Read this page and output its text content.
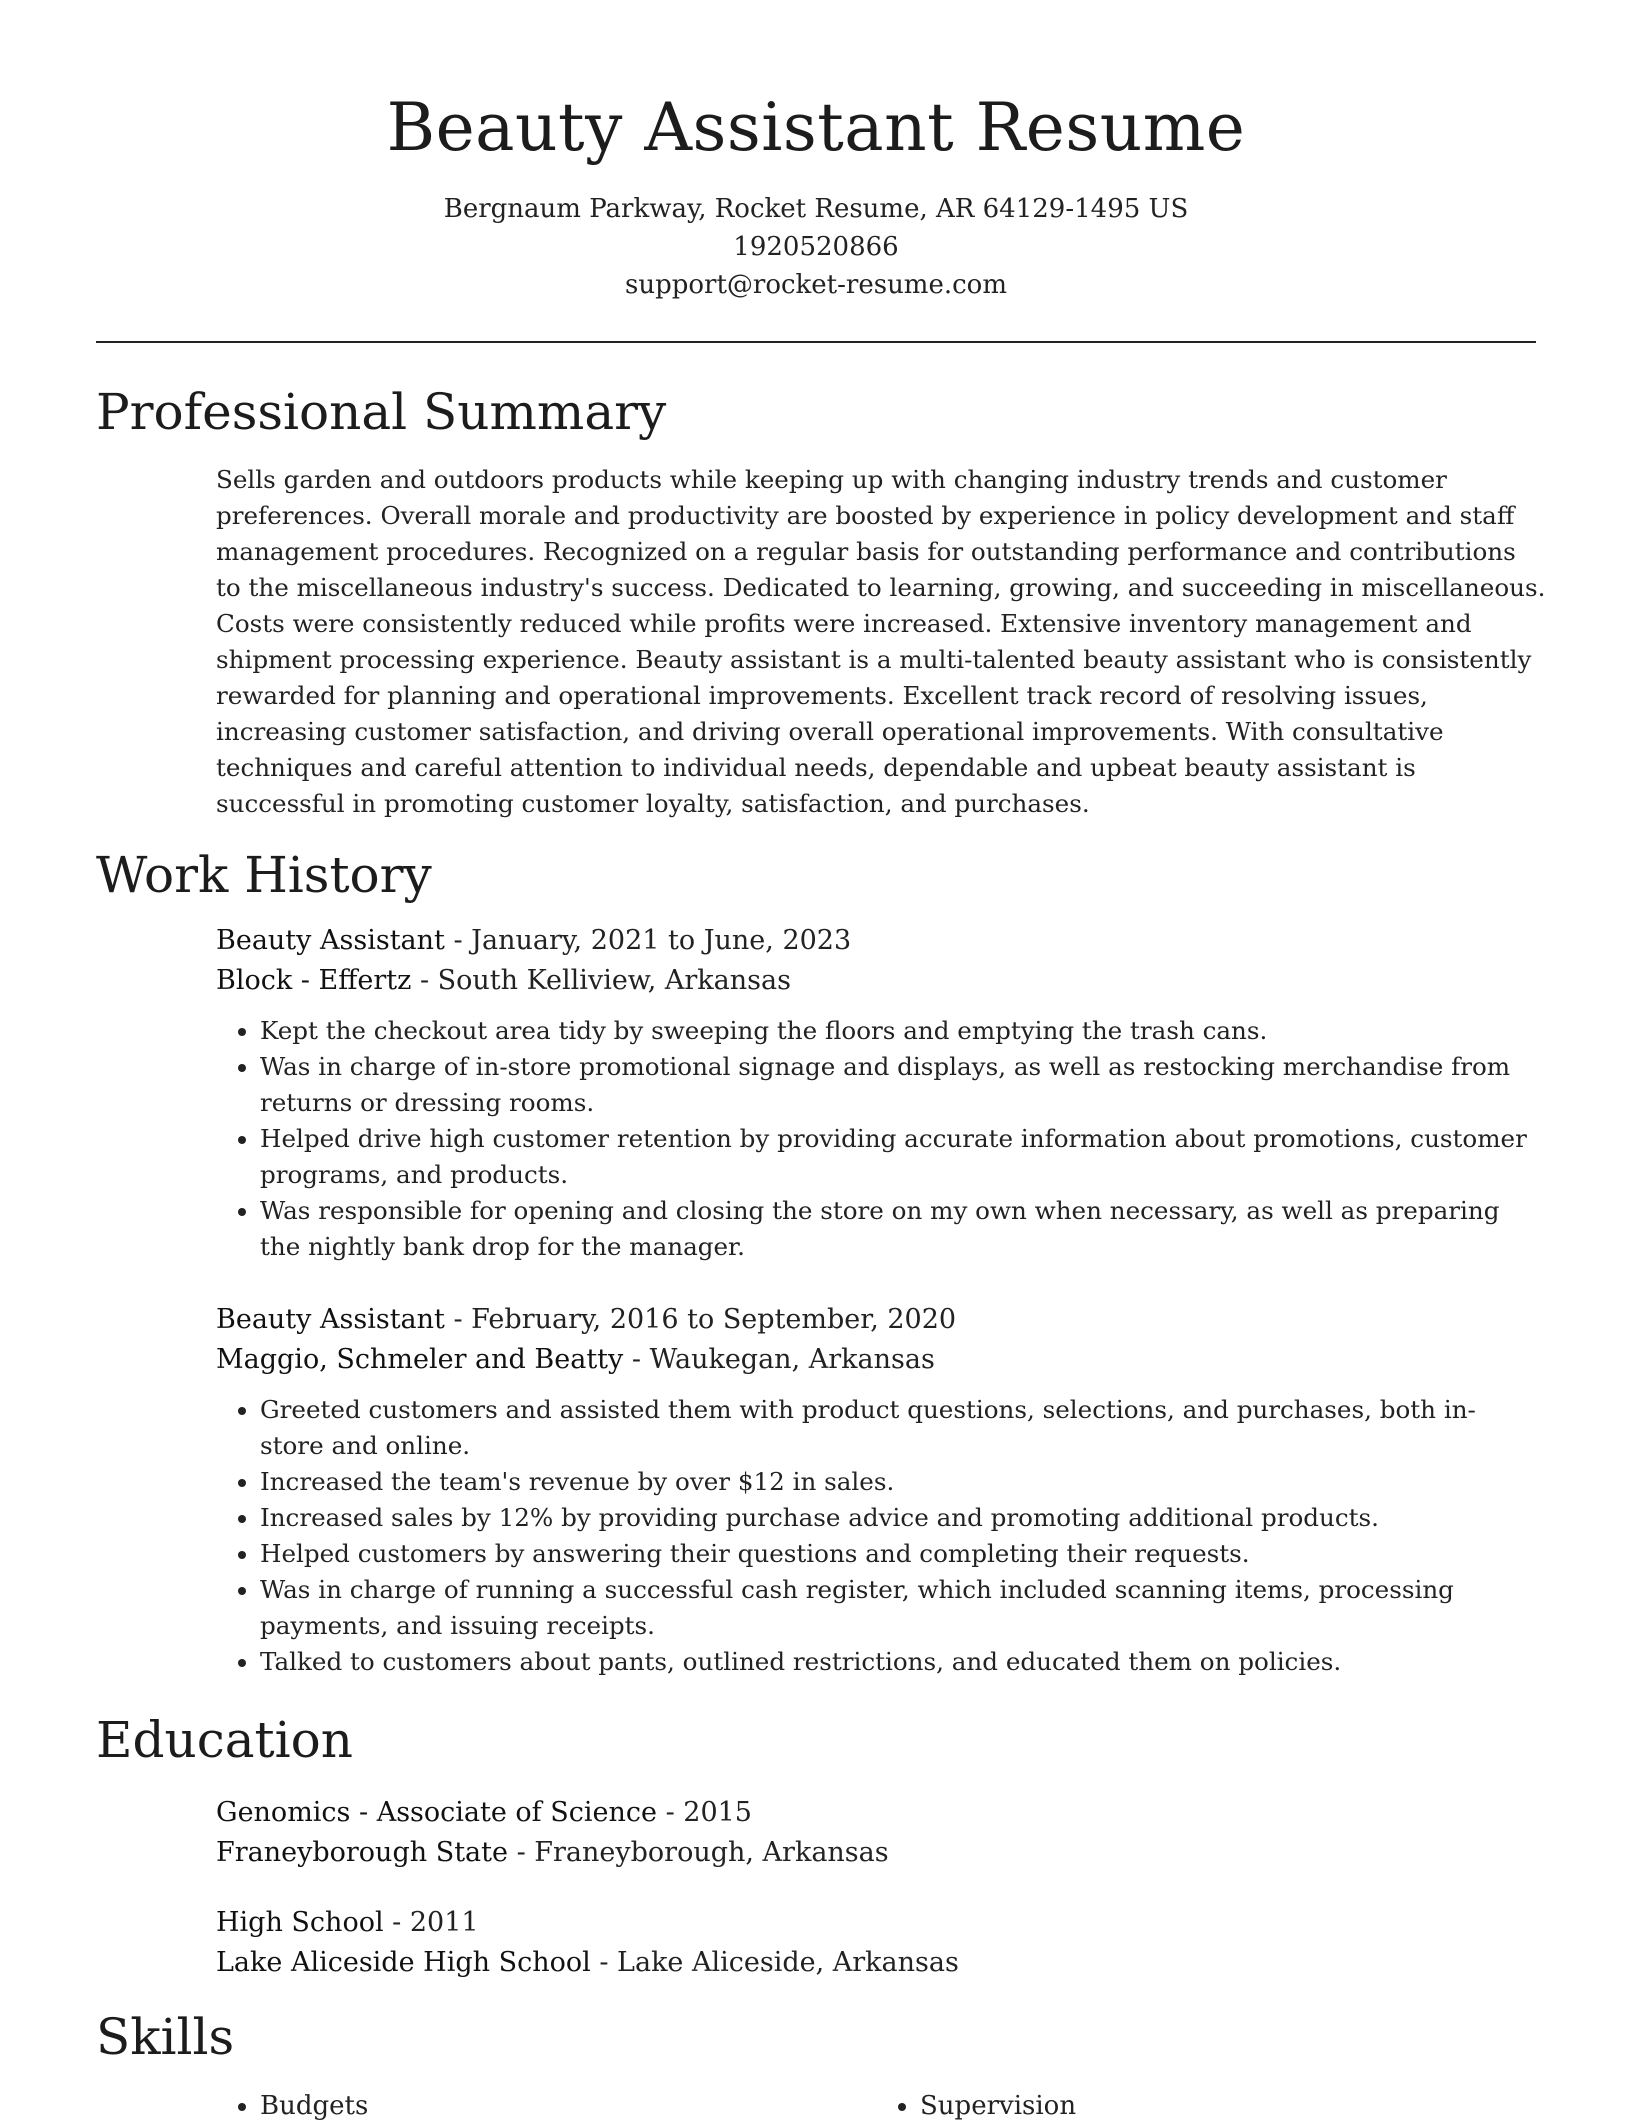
Beauty Assistant Resume
Bergnaum Parkway, Rocket Resume, AR 64129-1495 US
1920520866
support@rocket-resume.com
Professional Summary
Sells garden and outdoors products while keeping up with changing industry trends and customer preferences. Overall morale and productivity are boosted by experience in policy development and staff management procedures. Recognized on a regular basis for outstanding performance and contributions to the miscellaneous industry's success. Dedicated to learning, growing, and succeeding in miscellaneous. Costs were consistently reduced while profits were increased. Extensive inventory management and shipment processing experience. Beauty assistant is a multi-talented beauty assistant who is consistently rewarded for planning and operational improvements. Excellent track record of resolving issues, increasing customer satisfaction, and driving overall operational improvements. With consultative techniques and careful attention to individual needs, dependable and upbeat beauty assistant is successful in promoting customer loyalty, satisfaction, and purchases.
Work History
Beauty Assistant - January, 2021 to June, 2023
Block - Effertz - South Kelliview, Arkansas
• Kept the checkout area tidy by sweeping the floors and emptying the trash cans.
• Was in charge of in-store promotional signage and displays, as well as restocking merchandise from returns or dressing rooms.
• Helped drive high customer retention by providing accurate information about promotions, customer programs, and products.
• Was responsible for opening and closing the store on my own when necessary, as well as preparing the nightly bank drop for the manager.
Beauty Assistant - February, 2016 to September, 2020
Maggio, Schmeler and Beatty - Waukegan, Arkansas
• Greeted customers and assisted them with product questions, selections, and purchases, both in-store and online.
• Increased the team's revenue by over $12 in sales.
• Increased sales by 12% by providing purchase advice and promoting additional products.
• Helped customers by answering their questions and completing their requests.
• Was in charge of running a successful cash register, which included scanning items, processing payments, and issuing receipts.
• Talked to customers about pants, outlined restrictions, and educated them on policies.
Education
Genomics - Associate of Science - 2015
Franeyborough State - Franeyborough, Arkansas
High School - 2011
Lake Aliceside High School - Lake Aliceside, Arkansas
Skills
• Budgets
•	Supervision
